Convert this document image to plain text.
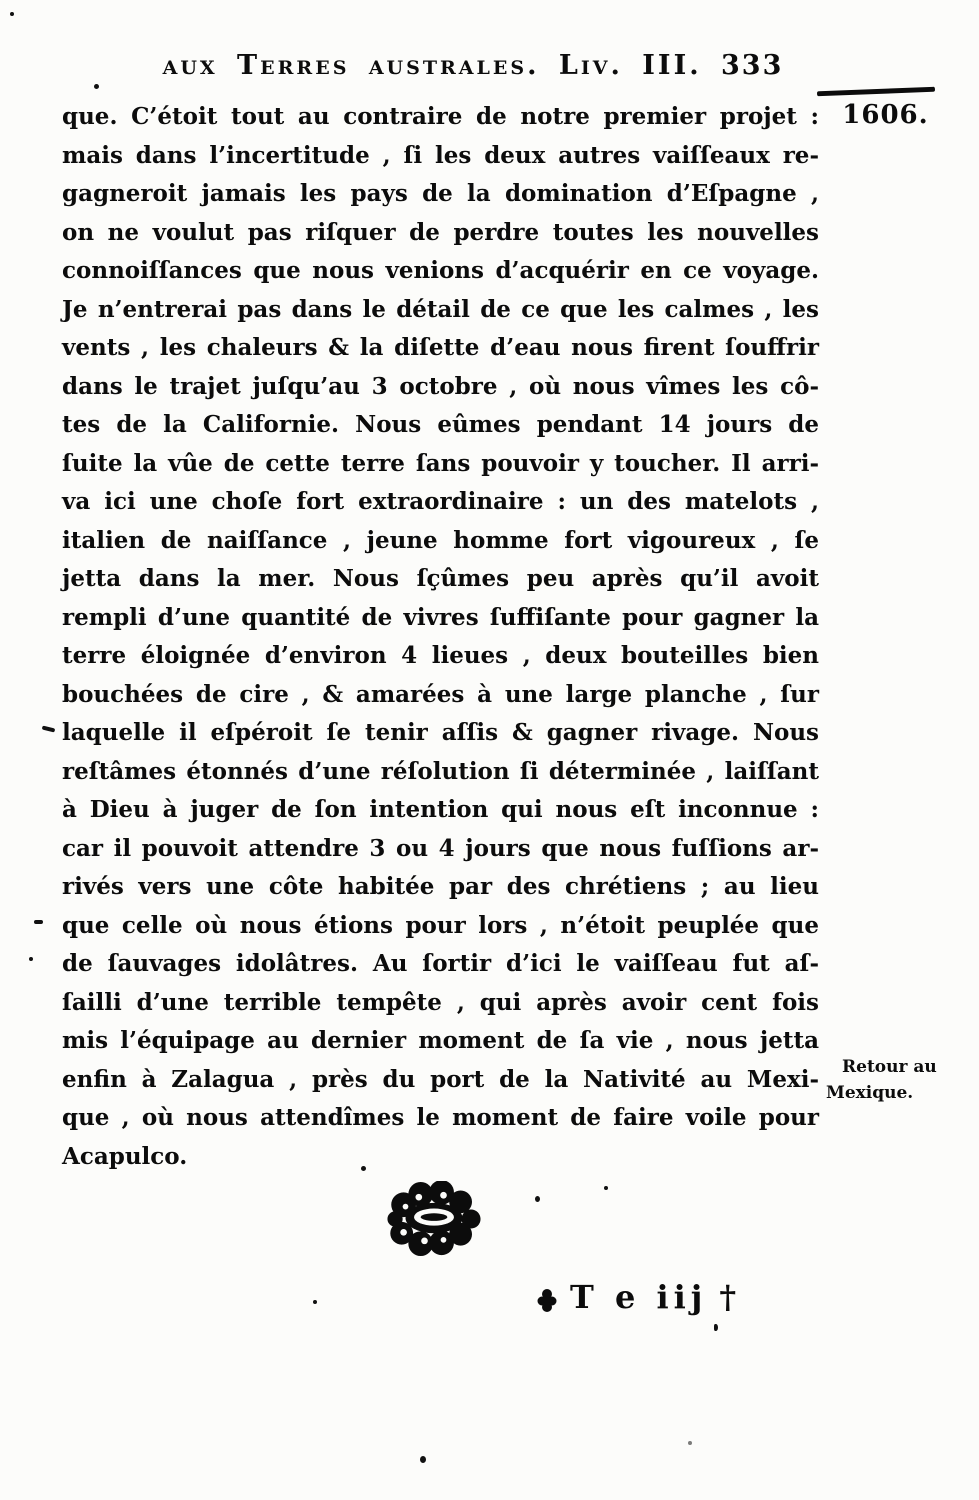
aux Terres australes. Liv. III. 333
1606.
Retour au
Mexique.
que. C’étoit tout au contraire de notre premier projet :
mais dans l’incertitude , ſi les deux autres vaiſſeaux re-
gagneroit jamais les pays de la domination d’Eſpagne ,
on ne voulut pas riſquer de perdre toutes les nouvelles
connoiſſances que nous venions d’acquérir en ce voyage.
Je n’entrerai pas dans le détail de ce que les calmes , les
vents , les chaleurs & la diſette d’eau nous firent ſouffrir
dans le trajet juſqu’au 3 octobre , où nous vîmes les cô-
tes de la Californie. Nous eûmes pendant 14 jours de
ſuite la vûe de cette terre ſans pouvoir y toucher. Il arri-
va ici une choſe fort extraordinaire : un des matelots ,
italien de naiſſance , jeune homme fort vigoureux , ſe
jetta dans la mer. Nous ſçûmes peu après qu’il avoit
rempli d’une quantité de vivres ſuffiſante pour gagner la
terre éloignée d’environ 4 lieues , deux bouteilles bien
bouchées de cire , & amarées à une large planche , ſur
laquelle il eſpéroit ſe tenir aſſis & gagner rivage. Nous
reſtâmes étonnés d’une réſolution ſi déterminée , laiſſant
à Dieu à juger de ſon intention qui nous eſt inconnue :
car il pouvoit attendre 3 ou 4 jours que nous fuſſions ar-
rivés vers une côte habitée par des chrétiens ; au lieu
que celle où nous étions pour lors , n’étoit peuplée que
de ſauvages idolâtres. Au ſortir d’ici le vaiſſeau fut aſ-
ſailli d’une terrible tempête , qui après avoir cent fois
mis l’équipage au dernier moment de ſa vie , nous jetta
enfin à Zalagua , près du port de la Nativité au Mexi-
que , où nous attendîmes le moment de faire voile pour
Acapulco.
T e iij †
